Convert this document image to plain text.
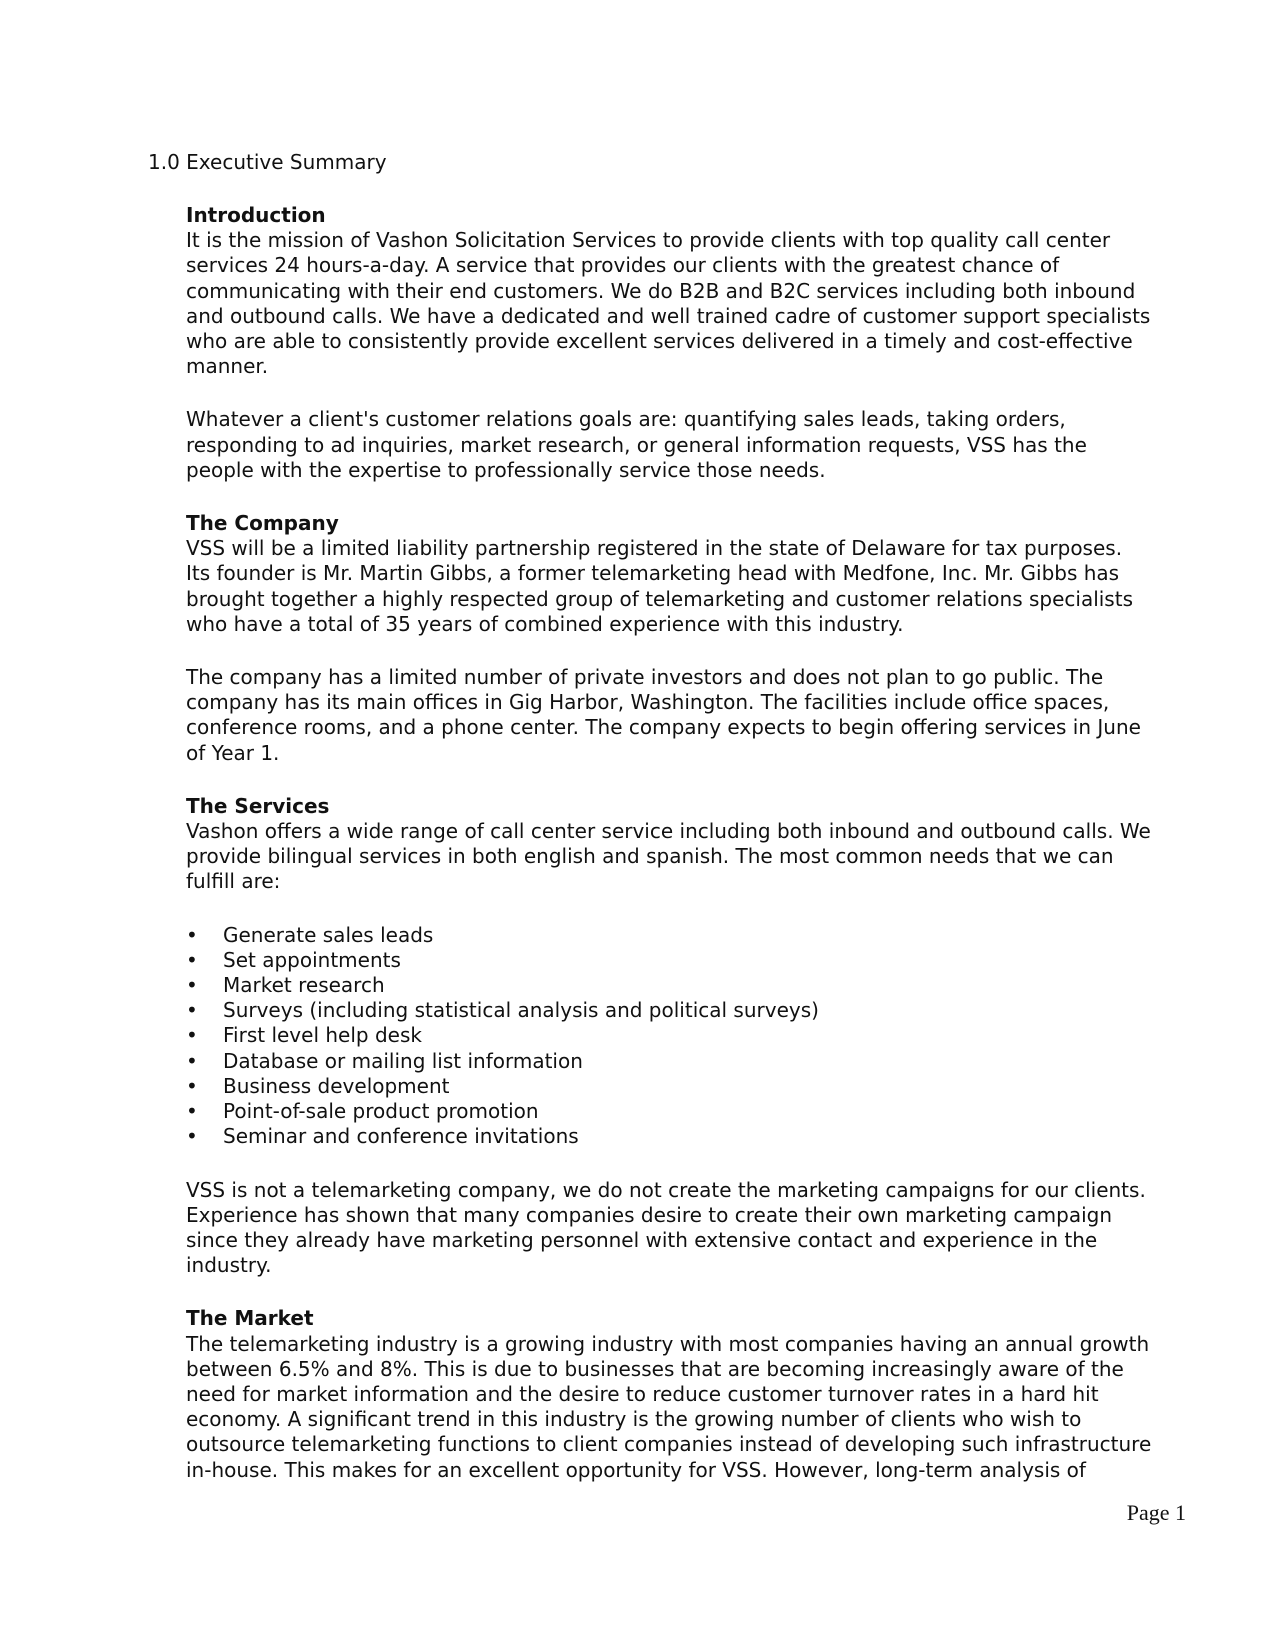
1.0 Executive Summary
Introduction

It is the mission of Vashon Solicitation Services to provide clients with top quality call center
services 24 hours-a-day. A service that provides our clients with the greatest chance of
communicating with their end customers. We do B2B and B2C services including both inbound
and outbound calls. We have a dedicated and well trained cadre of customer support specialists
who are able to consistently provide excellent services delivered in a timely and cost-effective
manner.

Whatever a client's customer relations goals are: quantifying sales leads, taking orders,
responding to ad inquiries, market research, or general information requests, VSS has the
people with the expertise to professionally service those needs.

The Company

VSS will be a limited liability partnership registered in the state of Delaware for tax purposes.
Its founder is Mr. Martin Gibbs, a former telemarketing head with Medfone, Inc. Mr. Gibbs has
brought together a highly respected group of telemarketing and customer relations specialists
who have a total of 35 years of combined experience with this industry.

The company has a limited number of private investors and does not plan to go public. The
company has its main offices in Gig Harbor, Washington. The facilities include office spaces,
conference rooms, and a phone center. The company expects to begin offering services in June
of Year 1.

The Services

Vashon offers a wide range of call center service including both inbound and outbound calls. We
provide bilingual services in both english and spanish. The most common needs that we can
fulfill are:

• Generate sales leads
• Set appointments
• Market research
• Surveys (including statistical analysis and political surveys)
• First level help desk
• Database or mailing list information
• Business development
• Point-of-sale product promotion
• Seminar and conference invitations

VSS is not a telemarketing company, we do not create the marketing campaigns for our clients.
Experience has shown that many companies desire to create their own marketing campaign
since they already have marketing personnel with extensive contact and experience in the
industry.

The Market

The telemarketing industry is a growing industry with most companies having an annual growth
between 6.5% and 8%. This is due to businesses that are becoming increasingly aware of the
need for market information and the desire to reduce customer turnover rates in a hard hit
economy. A significant trend in this industry is the growing number of clients who wish to
outsource telemarketing functions to client companies instead of developing such infrastructure
in-house. This makes for an excellent opportunity for VSS. However, long-term analysis of

Page 1
